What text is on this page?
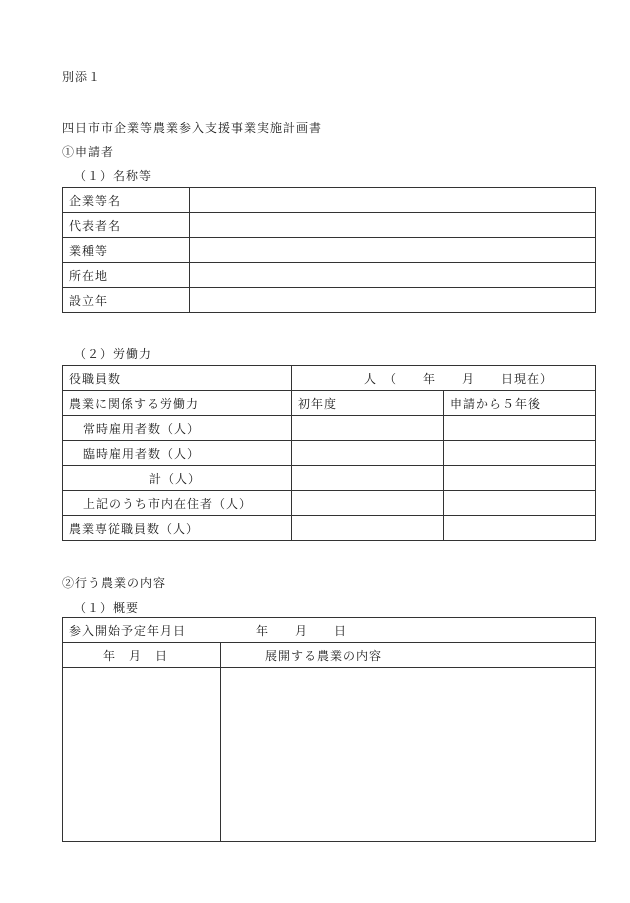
別添１
四日市市企業等農業参入支援事業実施計画書
①申請者
（１）名称等
企業等名	
代表者名	
業種等	
所在地	
設立年	
（２）労働力
役職員数	人　（　　年　　月　　日現在）	
農業に関係する労働力	初年度	申請から５年後
常時雇用者数（人）		
臨時雇用者数（人）		
計（人）		
上記のうち市内在住者（人）		
農業専従職員数（人）		
②行う農業の内容
（１）概要
参入開始予定年月日 年　　月　　日	
年　月　日	展開する農業の内容
